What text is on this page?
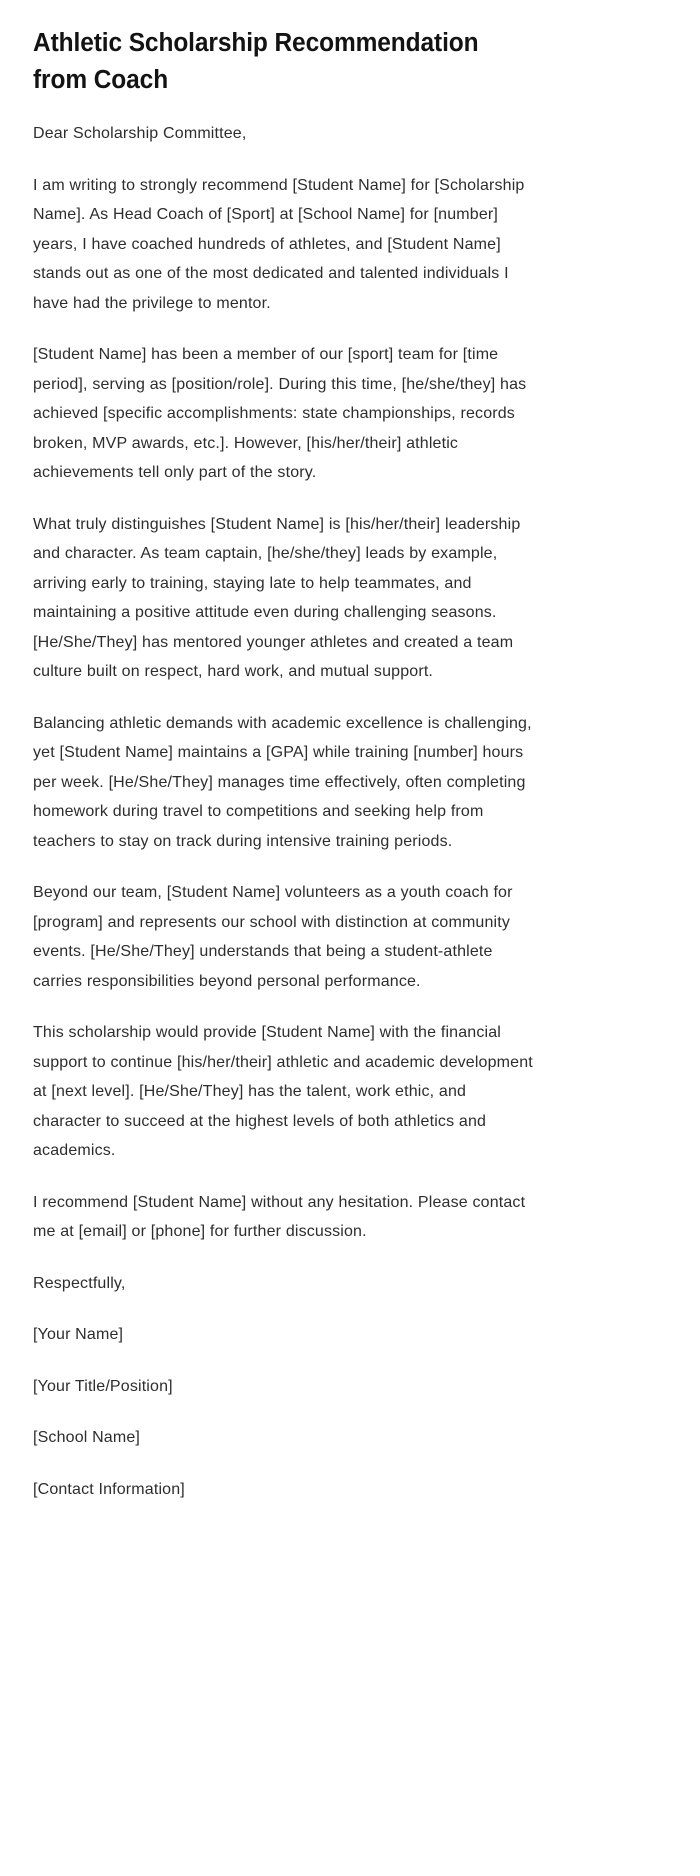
Athletic Scholarship Recommendation from Coach

Dear Scholarship Committee,

I am writing to strongly recommend [Student Name] for [Scholarship Name]. As Head Coach of [Sport] at [School Name] for [number] years, I have coached hundreds of athletes, and [Student Name] stands out as one of the most dedicated and talented individuals I have had the privilege to mentor.

[Student Name] has been a member of our [sport] team for [time period], serving as [position/role]. During this time, [he/she/they] has achieved [specific accomplishments: state championships, records broken, MVP awards, etc.]. However, [his/her/their] athletic achievements tell only part of the story.

What truly distinguishes [Student Name] is [his/her/their] leadership and character. As team captain, [he/she/they] leads by example, arriving early to training, staying late to help teammates, and maintaining a positive attitude even during challenging seasons. [He/She/They] has mentored younger athletes and created a team culture built on respect, hard work, and mutual support.

Balancing athletic demands with academic excellence is challenging, yet [Student Name] maintains a [GPA] while training [number] hours per week. [He/She/They] manages time effectively, often completing homework during travel to competitions and seeking help from teachers to stay on track during intensive training periods.

Beyond our team, [Student Name] volunteers as a youth coach for [program] and represents our school with distinction at community events. [He/She/They] understands that being a student-athlete carries responsibilities beyond personal performance.

This scholarship would provide [Student Name] with the financial support to continue [his/her/their] athletic and academic development at [next level]. [He/She/They] has the talent, work ethic, and character to succeed at the highest levels of both athletics and academics.

I recommend [Student Name] without any hesitation. Please contact me at [email] or [phone] for further discussion.

Respectfully,

[Your Name]

[Your Title/Position]

[School Name]

[Contact Information]
